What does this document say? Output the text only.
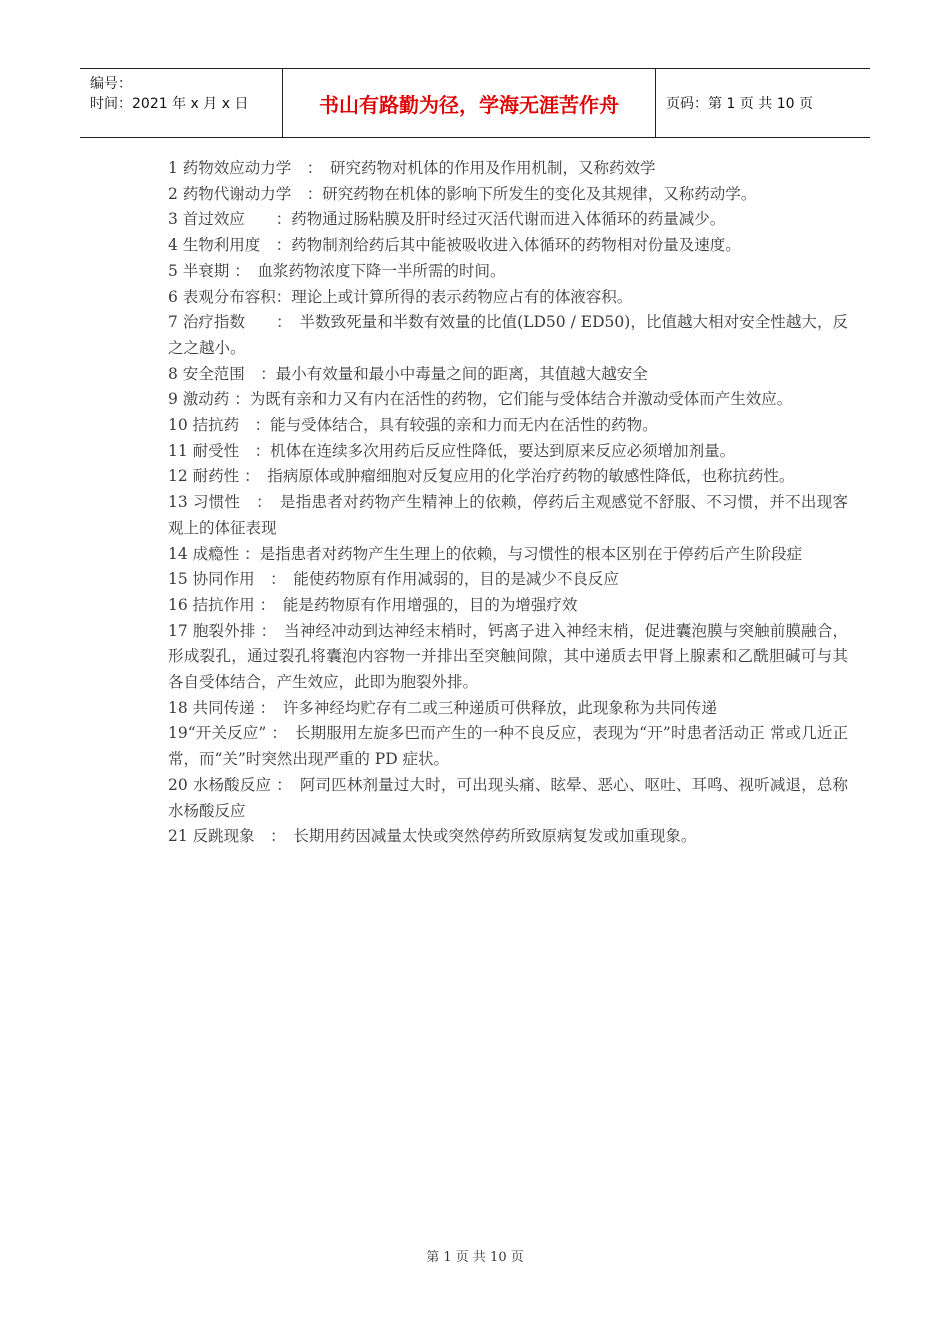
编号：
时间：2021 年 x 月 x 日	书山有路勤为径，学海无涯苦作舟	页码：第 1 页 共 10 页

1 药物效应动力学　：　研究药物对机体的作用及作用机制，又称药效学

2 药物代谢动力学　：研究药物在机体的影响下所发生的变化及其规律，又称药动学。

3 首过效应　　：药物通过肠粘膜及肝时经过灭活代谢而进入体循环的药量减少。

4 生物利用度　：药物制剂给药后其中能被吸收进入体循环的药物相对份量及速度。

5 半衰期 ：　血浆药物浓度下降一半所需的时间。

6 表观分布容积：理论上或计算所得的表示药物应占有的体液容积。

7 治疗指数　　：　半数致死量和半数有效量的比值(LD50 / ED50)，比值越大相对安全性越大，反之之越小。

8 安全范围　：最小有效量和最小中毒量之间的距离，其值越大越安全

9 激动药 ：为既有亲和力又有内在活性的药物，它们能与受体结合并激动受体而产生效应。

10 拮抗药　：能与受体结合，具有较强的亲和力而无内在活性的药物。

11 耐受性　：机体在连续多次用药后反应性降低，要达到原来反应必须增加剂量。

12 耐药性 ：　指病原体或肿瘤细胞对反复应用的化学治疗药物的敏感性降低，也称抗药性。

13 习惯性　：　是指患者对药物产生精神上的依赖，停药后主观感觉不舒服、不习惯，并不出现客观上的体征表现

14 成瘾性 ：是指患者对药物产生生理上的依赖，与习惯性的根本区别在于停药后产生阶段症

15 协同作用　：　能使药物原有作用减弱的，目的是减少不良反应

16 拮抗作用 ：　能是药物原有作用增强的，目的为增强疗效

17 胞裂外排 ：　当神经冲动到达神经末梢时，钙离子进入神经末梢，促进囊泡膜与突触前膜融合，形成裂孔，通过裂孔将囊泡内容物一并排出至突触间隙，其中递质去甲肾上腺素和乙酰胆碱可与其各自受体结合，产生效应，此即为胞裂外排。

18 共同传递 ：　许多神经均贮存有二或三种递质可供释放，此现象称为共同传递

19“开关反应” ：　长期服用左旋多巴而产生的一种不良反应，表现为“开”时患者活动正 常或几近正常，而“关”时突然出现严重的 PD 症状。

20 水杨酸反应 ：　阿司匹林剂量过大时，可出现头痛、眩晕、恶心、呕吐、耳鸣、视听减退，总称水杨酸反应

21 反跳现象　：　长期用药因减量太快或突然停药所致原病复发或加重现象。

第 1 页 共 10 页
